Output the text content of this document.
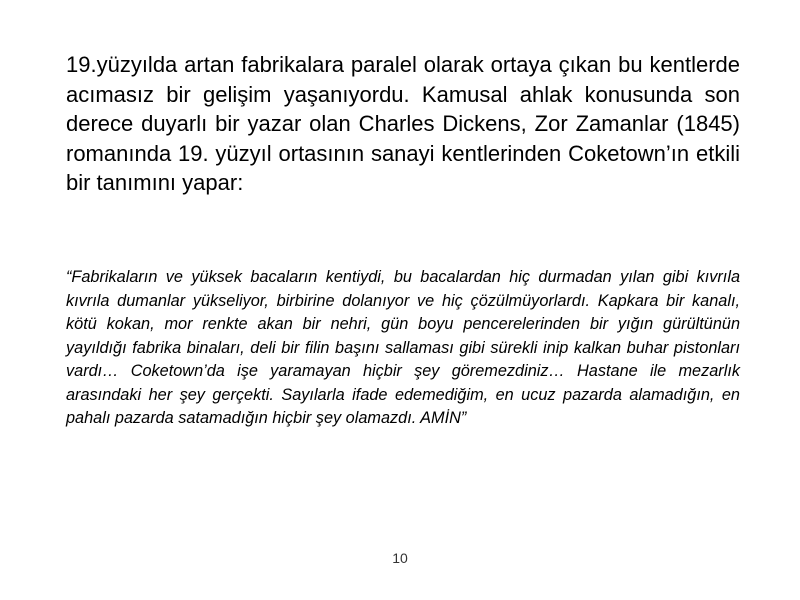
19.yüzyılda artan fabrikalara paralel olarak ortaya çıkan bu kentlerde acımasız bir gelişim yaşanıyordu. Kamusal ahlak konusunda son derece duyarlı bir yazar olan Charles Dickens, Zor Zamanlar (1845) romanında 19. yüzyıl ortasının sanayi kentlerinden Coketown’ın etkili bir tanımını yapar:

“Fabrikaların ve yüksek bacaların kentiydi, bu bacalardan hiç durmadan yılan gibi kıvrıla kıvrıla dumanlar yükseliyor, birbirine dolanıyor ve hiç çözülmüyorlardı. Kapkara bir kanalı, kötü kokan, mor renkte akan bir nehri, gün boyu pencerelerinden bir yığın gürültünün yayıldığı fabrika binaları, deli bir filin başını sallaması gibi sürekli inip kalkan buhar pistonları vardı… Coketown’da işe yaramayan hiçbir şey göremezdiniz… Hastane ile mezarlık arasındaki her şey gerçekti. Sayılarla ifade edemediğim, en ucuz pazarda alamadığın, en pahalı pazarda satamadığın hiçbir şey olamazdı. AMİN”

10
